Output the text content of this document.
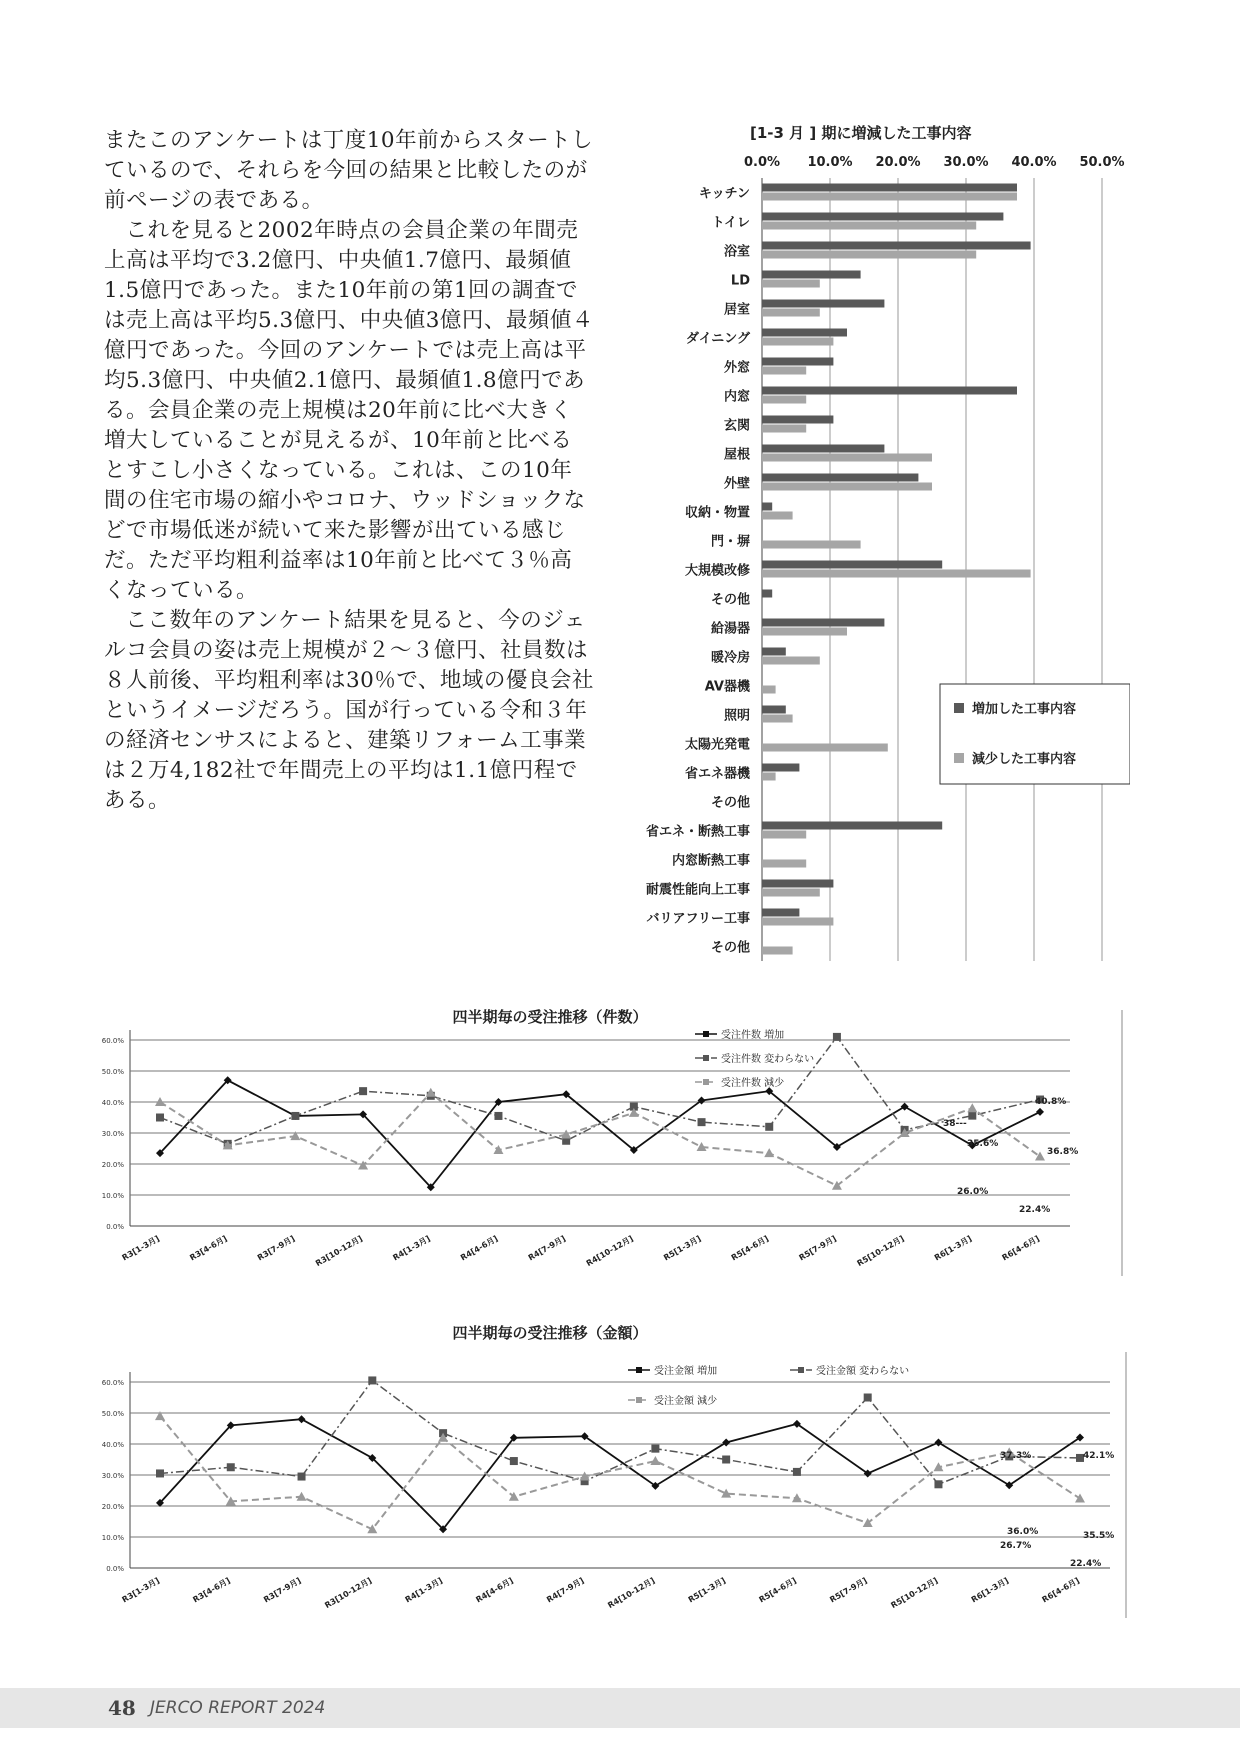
またこのアンケートは丁度10年前からスタートしているので、それらを今回の結果と比較したのが前ページの表である。

これを見ると2002年時点の会員企業の年間売上高は平均で3.2億円、中央値1.7億円、最頻値1.5億円であった。また10年前の第1回の調査では売上高は平均5.3億円、中央値3億円、最頻値４億円であった。今回のアンケートでは売上高は平均5.3億円、中央値2.1億円、最頻値1.8億円である。会員企業の売上規模は20年前に比べ大きく増大していることが見えるが、10年前と比べるとすこし小さくなっている。これは、この10年間の住宅市場の縮小やコロナ、ウッドショックなどで市場低迷が続いて来た影響が出ている感じだ。ただ平均粗利益率は10年前と比べて３％高くなっている。

ここ数年のアンケート結果を見ると、今のジェルコ会員の姿は売上規模が２～３億円、社員数は８人前後、平均粗利率は30％で、地域の優良会社というイメージだろう。国が行っている令和３年の経済センサスによると、建築リフォーム工事業は２万4,182社で年間売上の平均は1.1億円程である。

[1-3 月 ] 期に増減した工事内容
0.0% 10.0% 20.0% 30.0% 40.0% 50.0%
キッチン
トイレ
浴室
LD
居室
ダイニング
外窓
内窓
玄関
屋根
外壁
収納・物置
門・塀
大規模改修
その他
給湯器
暖冷房
AV器機
照明
太陽光発電
省エネ器機
その他
省エネ・断熱工事
内窓断熱工事
耐震性能向上工事
バリアフリー工事
その他
増加した工事内容
減少した工事内容
四半期毎の受注推移（件数）
0.0%
10.0%
20.0%
30.0%
40.0%
50.0%
60.0%
R3[1-3月]	R3[4-6月]	R3[7-9月] R3[10-12月]	R4[1-3月]	R4[4-6月]	R4[7-9月] R4[10-12月]	R5[1-3月]	R5[4-6月]	R5[7-9月] R5[10-12月]	R6[1-3月]	R6[4-6月]
受注件数 増加
受注件数 変わらない
受注件数 減少
40.8%
36.8%
35.6%
26.0%
22.4%
38---
四半期毎の受注推移（金額）
0.0%
10.0%
20.0%
30.0%
40.0%
50.0%
60.0%
R3[1-3月]	R3[4-6月]	R3[7-9月]	R3[10-12月]	R4[1-3月]	R4[4-6月]	R4[7-9月]	R4[10-12月]	R5[1-3月]	R5[4-6月]	R5[7-9月]	R5[10-12月]	R6[1-3月]	R6[4-6月]
受注金額 増加	受注金額 変わらない
受注金額 減少
37.3%	42.1%
36.0%	35.5%
26.7%
22.4%
48 JERCO REPORT 2024
